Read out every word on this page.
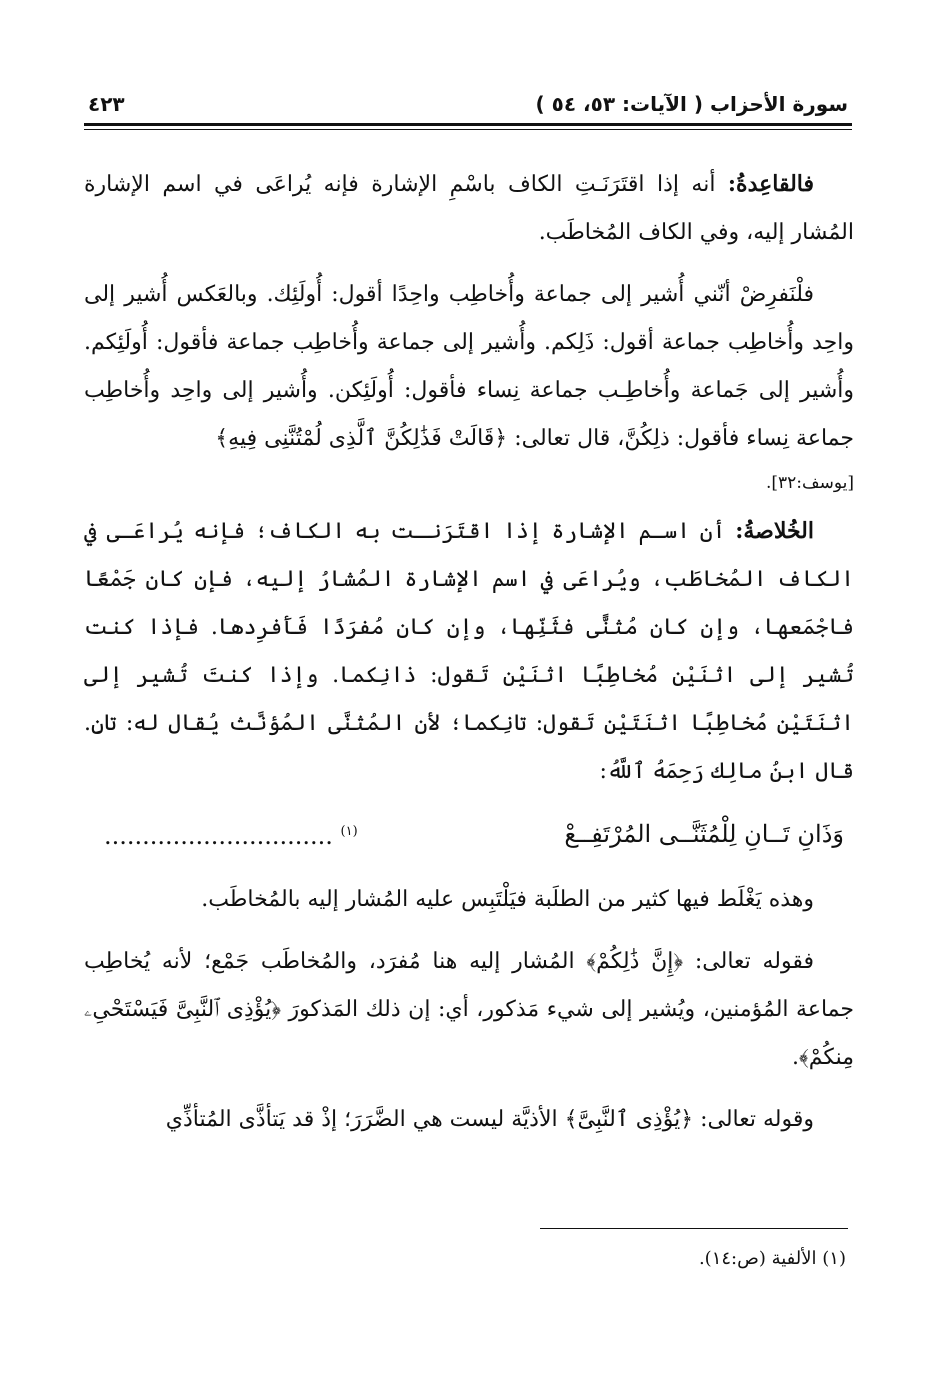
سورة الأحزاب ( الآيات: ٥٣، ٥٤ )
٤٢٣

فالقاعِدةُ: أنه إذا اقتَرَنَـتِ الكاف باسْمِ الإشارة فإنه يُراعَى في اسم الإشارة المُشار إليه، وفي الكاف المُخاطَب.

فلْنَفرِضْ أنّني أُشير إلى جماعة وأُخاطِب واحِدًا أقول: أُولَئِك. وبالعَكس أُشير إلى واحِد وأُخاطِب جماعة أقول: ذَلِكم. وأُشير إلى جماعة وأُخاطِب جماعة فأقول: أُولَئِكم. وأُشير إلى جَماعة وأُخاطِـب جماعة نِساء فأقول: أُولَئِكن. وأُشير إلى واحِد وأُخاطِب جماعة نِساء فأقول: ذلِكُنَّ، قال تعالى: ﴿قَالَتْ فَذَٰلِكُنَّ ٱلَّذِى لُمْتُنَّنِى فِيهِ﴾
[يوسف:٣٢].

الخُلاصةُ: أن اسـم الإشارة إذا اقتَرَنـت به الكاف؛ فإنه يُراعَـى في الكاف المُخاطَب، ويُراعَى في اسم الإشارة المُشارُ إليه، فإن كان جَمْعًا فاجْمَعها، وإن كان مُثنًّى فثَنِّها، وإن كان مُفرَدًا فَأَفرِدها. فإذا كنت تُشير إلى اثنَيْن مُخاطِبًا اثنَيْن تَقول: ذانِكما. وإذا كنتَ تُشير إلى اثنَتَيْن مُخاطِبًا اثنَتَيْن تَقول: تانِكما؛ لأن المُثنَّى المُؤنَّث يُقال له: تانِ. قال ابنُ مالِك رَحِمَهُ ٱللَّهُ:

وَذَانِ تَــانِ لِلْمُثَنَّــى المُرْتَفِــعْ
.............................. $^{(١)}$

وهذه يَغْلَط فيها كثير من الطلَبة فيَلْتَبِس عليه المُشار إليه بالمُخاطَب.

فقوله تعالى: ﴿إِنَّ ذَٰلِكُمْ﴾ المُشار إليه هنا مُفرَد، والمُخاطَب جَمْع؛ لأنه يُخاطِب جماعة المُؤمنين، ويُشير إلى شيء مَذكور، أي: إن ذلك المَذكورَ ﴿يُؤْذِى ٱلنَّبِىَّ فَيَسْتَحْىِۦ مِنكُمْ﴾.

وقوله تعالى: ﴿يُؤْذِى ٱلنَّبِىَّ﴾ الأذيَّة ليست هي الضَّرَرَ؛ إذْ قد يَتأذَّى المُتأذِّي

(١) الألفية (ص:١٤).
